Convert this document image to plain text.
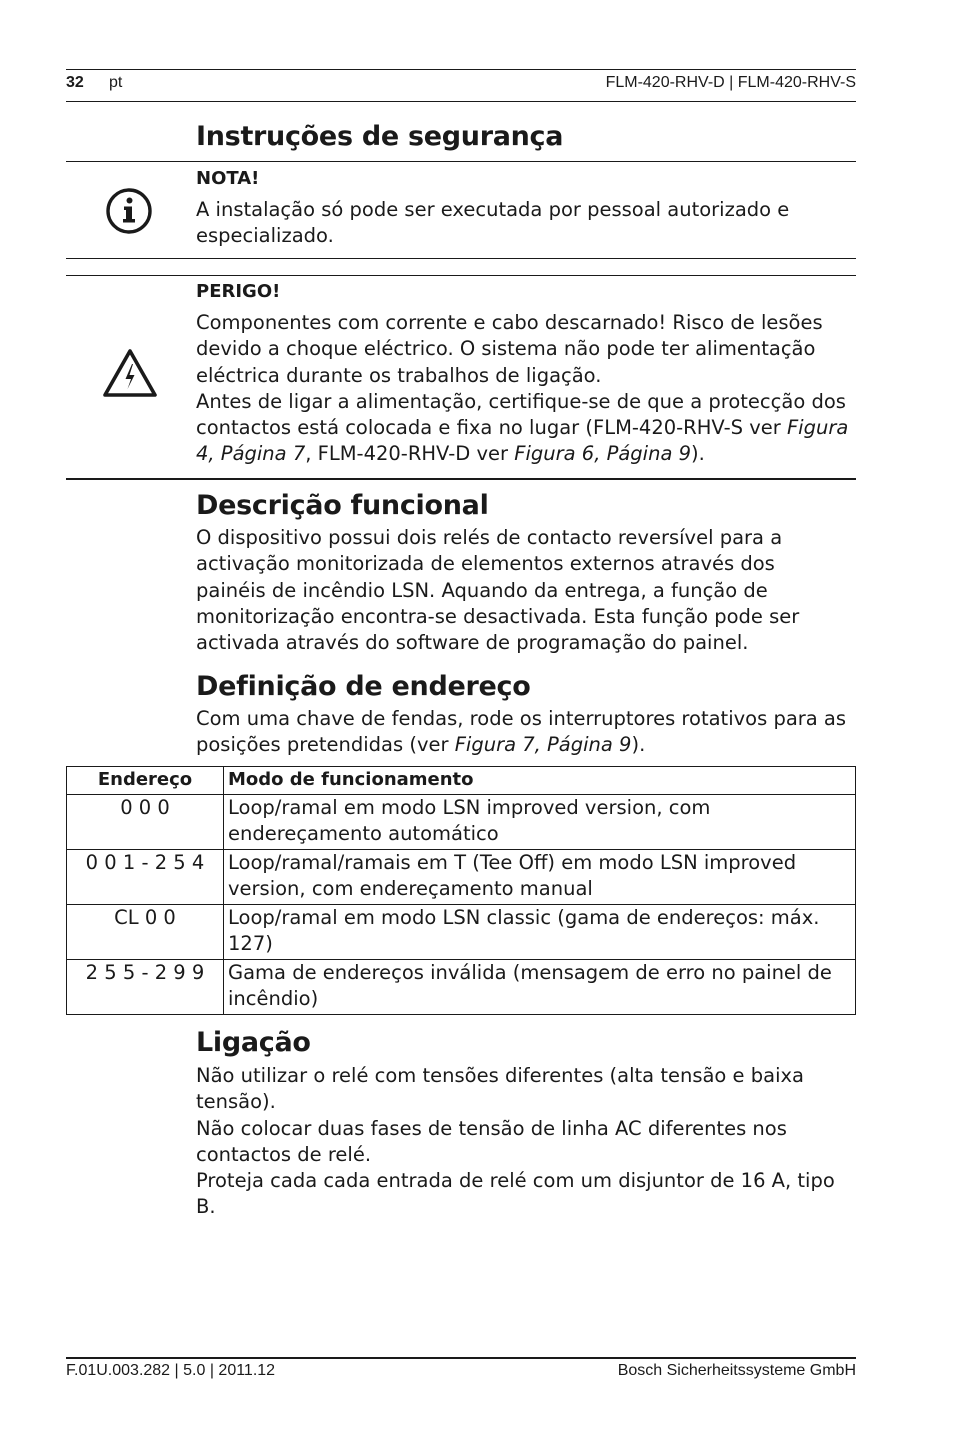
32 pt	FLM-420-RHV-D | FLM-420-RHV-S
Instruções de segurança
NOTA!
A instalação só pode ser executada por pessoal autorizado e especializado.
PERIGO!
Componentes com corrente e cabo descarnado! Risco de lesões devido a choque eléctrico. O sistema não pode ter alimentação eléctrica durante os trabalhos de ligação.
Antes de ligar a alimentação, certifique-se de que a protecção dos contactos está colocada e fixa no lugar (FLM-420-RHV-S ver Figura 4, Página 7, FLM-420-RHV-D ver Figura 6, Página 9).
Descrição funcional
O dispositivo possui dois relés de contacto reversível para a activação monitorizada de elementos externos através dos painéis de incêndio LSN. Aquando da entrega, a função de monitorização encontra-se desactivada. Esta função pode ser activada através do software de programação do painel.
Definição de endereço
Com uma chave de fendas, rode os interruptores rotativos para as posições pretendidas (ver Figura 7, Página 9).
Endereço	Modo de funcionamento
0 0 0	Loop/ramal em modo LSN improved version, com endereçamento automático
0 0 1 - 2 5 4	Loop/ramal/ramais em T (Tee Off) em modo LSN improved version, com endereçamento manual
CL 0 0	Loop/ramal em modo LSN classic (gama de endereços: máx. 127)
2 5 5 - 2 9 9	Gama de endereços inválida (mensagem de erro no painel de incêndio)
Ligação
Não utilizar o relé com tensões diferentes (alta tensão e baixa tensão).
Não colocar duas fases de tensão de linha AC diferentes nos contactos de relé.
Proteja cada cada entrada de relé com um disjuntor de 16 A, tipo B.
F.01U.003.282 | 5.0 | 2011.12	Bosch Sicherheitssysteme GmbH
